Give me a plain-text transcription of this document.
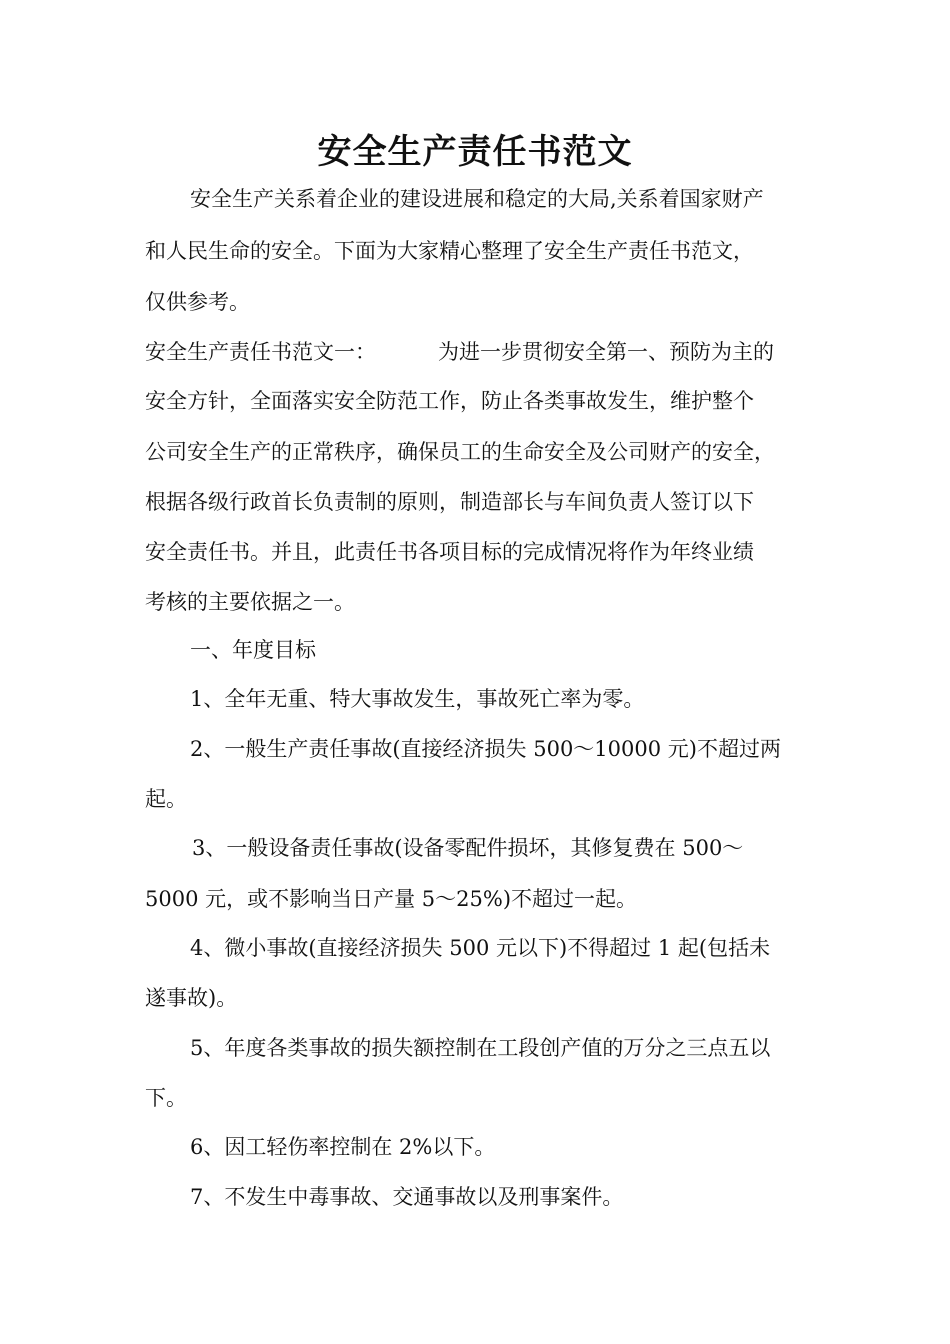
安全生产责任书范文
安全生产关系着企业的建设进展和稳定的大局,关系着国家财产
和人民生命的安全。下面为大家精心整理了安全生产责任书范文，
仅供参考。
安全生产责任书范文一：	为进一步贯彻安全第一、预防为主的
安全方针，全面落实安全防范工作，防止各类事故发生，维护整个
公司安全生产的正常秩序，确保员工的生命安全及公司财产的安全，
根据各级行政首长负责制的原则，制造部长与车间负责人签订以下
安全责任书。并且，此责任书各项目标的完成情况将作为年终业绩
考核的主要依据之一。
一、年度目标
1、全年无重、特大事故发生，事故死亡率为零。
2、一般生产责任事故(直接经济损失 500～10000 元)不超过两
起。
3、一般设备责任事故(设备零配件损坏，其修复费在 500～
5000 元，或不影响当日产量 5～25%)不超过一起。
4、微小事故(直接经济损失 500 元以下)不得超过 1 起(包括未
遂事故)。
5、年度各类事故的损失额控制在工段创产值的万分之三点五以
下。
6、因工轻伤率控制在 2%以下。
7、不发生中毒事故、交通事故以及刑事案件。
